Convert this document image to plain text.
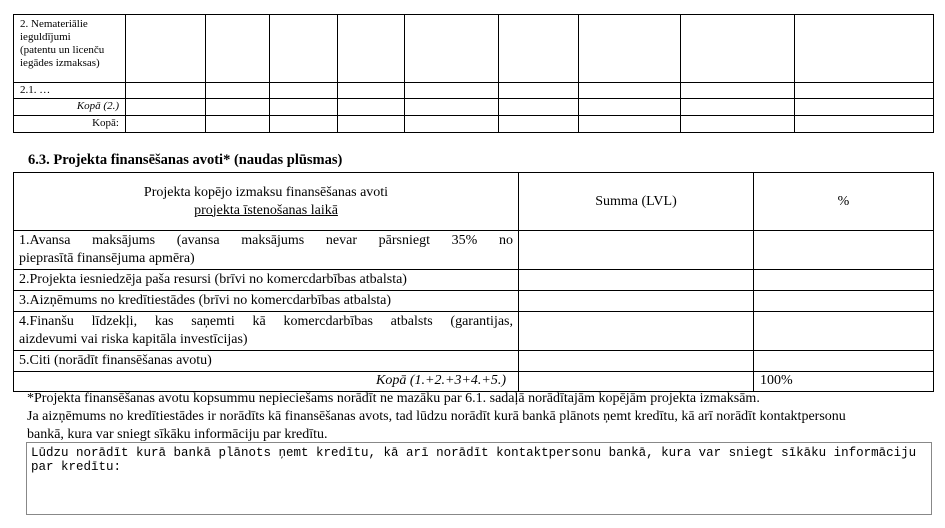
2. Nemateriālie
ieguldījumi
(patentu un licenču
iegādes izmaksas)									

2.1. …									
Kopā (2.)									
Kopā:									
6.3. Projekta finansēšanas avoti* (naudas plūsmas)
Projekta kopējo izmaksu finansēšanas avoti
projekta īstenošanas laikā	Summa (LVL)	%

1.Avansa maksājums (avansa maksājums nevar pārsniegt 35% no
pieprasītā finansējuma apmēra)		

2.Projekta iesniedzēja paša resursi (brīvi no komercdarbības atbalsta)		
3.Aizņēmums no kredītiestādes (brīvi no komercdarbības atbalsta)		

4.Finanšu līdzekļi, kas saņemti kā komercdarbības atbalsts (garantijas,
aizdevumi vai riska kapitāla investīcijas)		

5.Citi (norādīt finansēšanas avotu)		
Kopā (1.+2.+3+4.+5.)		100%
*Projekta finansēšanas avotu kopsummu nepieciešams norādīt ne mazāku par 6.1. sadaļā norādītajām kopējām projekta izmaksām.
Ja aizņēmums no kredītiestādes ir norādīts kā finansēšanas avots, tad lūdzu norādīt kurā bankā plānots ņemt kredītu, kā arī norādīt kontaktpersonu
bankā, kura var sniegt sīkāku informāciju par kredītu.
Lūdzu norādīt kurā bankā plānots ņemt kredītu, kā arī norādīt kontaktpersonu bankā, kura var sniegt sīkāku informāciju par kredītu:
